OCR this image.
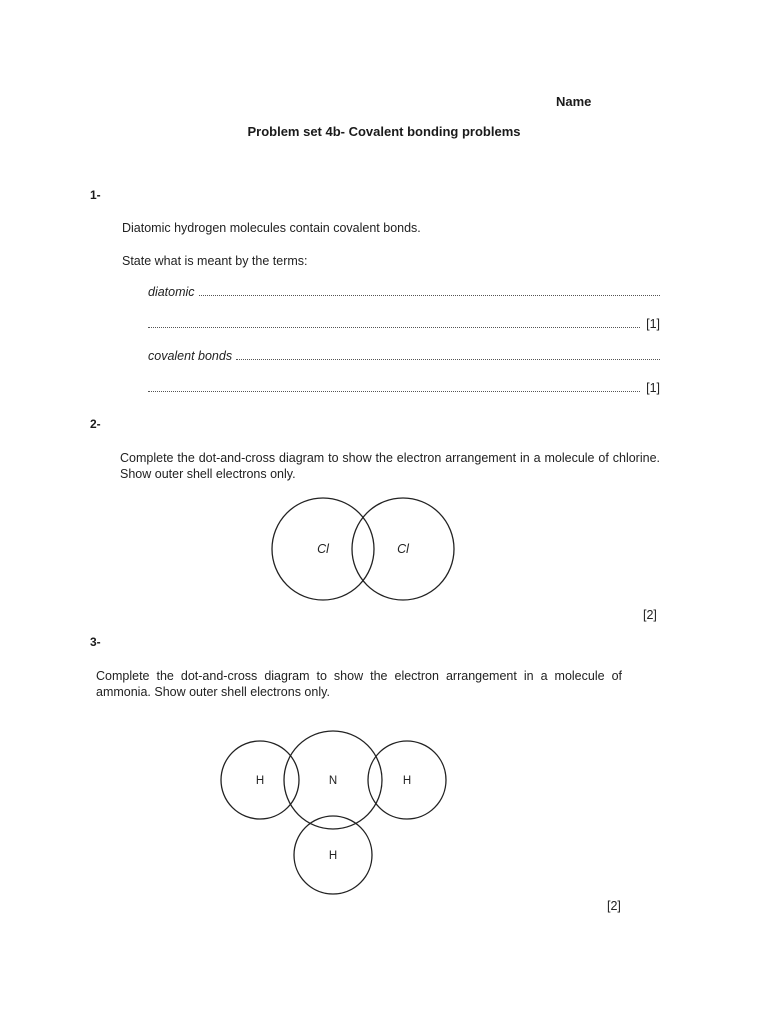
Name
Problem set 4b- Covalent bonding problems
1-
Diatomic hydrogen molecules contain covalent bonds.
State what is meant by the terms:
diatomic
[1]
covalent bonds
[1]
2-
Complete the dot-and-cross diagram to show the electron arrangement in a molecule of chlorine. Show outer shell electrons only.
Cl	Cl
[2]
3-
Complete the dot-and-cross diagram to show the electron arrangement in a molecule of ammonia. Show outer shell electrons only.
H	N	H
H
[2]
